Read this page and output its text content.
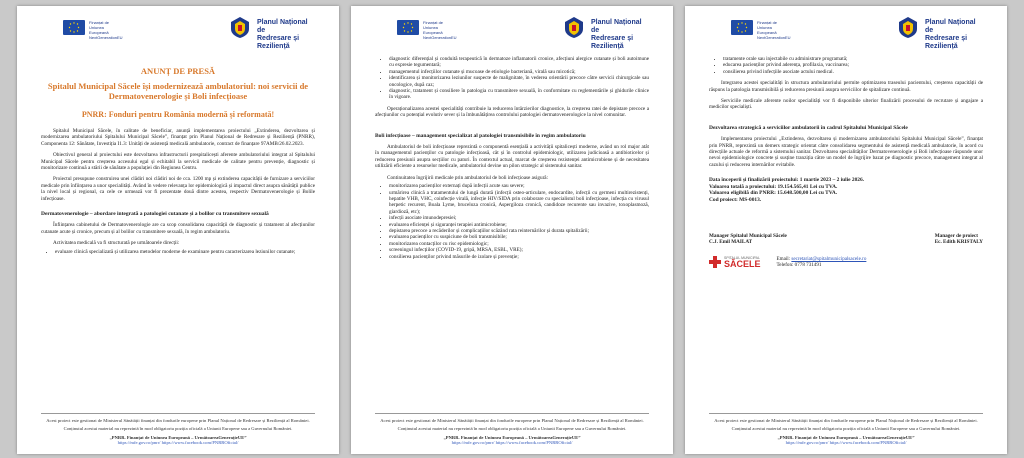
Finanțat de Uniunea Europeană NextGenerationEU
Planul Național de
Redresare și Reziliență
ANUNȚ DE PRESĂ
Spitalul Municipal Săcele își modernizează ambulatoriul: noi servicii de Dermatovenerologie și Boli infecțioase
PNRR: Fonduri pentru România modernă și reformată!

Spitalul Municipal Săcele, în calitate de beneficiar, anunță implementarea proiectului „Extinderea, dezvoltarea și modernizarea ambulatoriului Spitalului Municipal Săcele”, finanțat prin Planul Național de Redresare și Reziliență (PNRR), Componenta 12: Sănătate, Investiția I1.3: Unități de asistență medicală ambulatorie, contract de finanțare 97AMB/26.02.2023.

Obiectivul general al proiectului este dezvoltarea infrastructurii prespitalicești aferente ambulatoriului integrat al Spitalului Municipal Săcele pentru creșterea accesului egal și echitabil la servicii medicale de calitate pentru prevenție, diagnostic și monitorizare continuă a stării de sănătate a populației din Regiunea Centru.

Proiectul presupune construirea unei clădiri noi clădiri noi de cca. 1200 mp și extinderea capacității de furnizare a serviciilor medicale prin înființarea a unor specialități. Având în vedere relevanța lor epidemiologică și impactul direct asupra sănătății publice la nivel local și regional, ca cele ce urmează vor fi prezentate două dintre acestea, respectiv Dermatovenerologie și Bolile infecțioase.

Dermatovenerologie – abordare integrată a patologiei cutanate și a bolilor cu transmitere sexuală

Înființarea cabinetului de Dermatovenerologie are ca scop consolidarea capacității de diagnostic și tratament al afecțiunilor cutanate acute și cronice, precum și al bolilor cu transmitere sexuală, în regim ambulatoriu.

Activitatea medicală va fi structurată pe următoarele direcții:

• evaluare clinică specializată și utilizarea metodelor moderne de examinare pentru caracterizarea leziunilor cutanate;
Acest proiect este gestionat de Ministerul Sănătății finanțat din fondurile europene prin Planul Național de Redresare și Reziliență al României.
Conținutul acestui material nu reprezintă în mod obligatoriu poziția oficială a Uniunii Europene sau a Guvernului României.
„PNRR. Finanțat de Uniunea Europeană – UrmătoareaGenerațieUE”
https://mfe.gov.ro/pnrr/ https://www.facebook.com/PNRROficial/
Finanțat de Uniunea Europeană NextGenerationEU
Planul Național de
Redresare și Reziliență
• diagnostic diferențial și conduită terapeutică în dermatoze inflamatorii cronice, afecțiuni alergice cutanate și boli autoimune cu expresie tegumentară;
• managementul infecțiilor cutanate și mucoase de etiologie bacteriană, virală sau micotică;
• identificarea și monitorizarea leziunilor suspecte de malignitate, în vederea orientării precoce către servicii chirurgicale sau oncologice, după caz;
• diagnostic, tratament și consiliere în patologia cu transmitere sexuală, în conformitate cu reglementările și ghidurile clinice în vigoare.

Operaționalizarea acestei specialități contribuie la reducerea întârzierilor diagnostice, la creșterea ratei de depistare precoce a afecțiunilor cu potențial evolutiv sever și la îmbunătățirea controlului patologiei dermatovenerologice la nivel comunitar.

Boli infecțioase – management specializat al patologiei transmisibile în regim ambulatoriu

Ambulatoriul de boli infecțioase reprezintă o componentă esențială a activității spitalicești moderne, având un rol major atât în managementul pacienților cu patologie infecțioasă, cât și în controlul epidemiologic, utilizarea judicioasă a antibioticelor și reducerea presiunii asupra secțiilor cu paturi. În contextul actual, marcat de creșterea rezistenței antimicrobiene și de necesitatea utilizării eficiente a resurselor medicale, ambulatoriul devine un pilon strategic al sistemului sanitar.

Continuitatea îngrijirii medicale prin ambulatoriul de boli infecțioase asigură:

• monitorizarea pacienților externați după infecții acute sau severe;
• urmărirea clinică a tratamentului de lungă durată (infecții osteo-articulare, endocardite, infecții cu germeni multirezistenți, hepatite VHB, VHC, coinfecție virală, infecție HIV/SIDA prin colaborare cu specialistul boli infecțioase, infecția cu virusul herpetic recurent, Boala Lyme, bruceloza cronică, Aspergiloza cronică, candidoze recurente sau invazive, toxoplasmoză, giardioză, etc);
• infecții asociate imunodepresiei;
• evaluarea eficienței și siguranței terapiei antimicrobiene;
• depistarea precoce a recăderilor și complicațiilor scăzând rata reinternărilor și durata spitalizării;
• evaluarea pacienților cu suspiciune de boli transmisibile;
• monitorizarea contacților cu risc epidemiologic;
• screeningul infecțiilor (COVID-19, gripă, MRSA, ESBL, VRE);
• consilierea pacienților privind măsurile de izolare și prevenție;
Acest proiect este gestionat de Ministerul Sănătății finanțat din fondurile europene prin Planul Național de Redresare și Reziliență al României.
Conținutul acestui material nu reprezintă în mod obligatoriu poziția oficială a Uniunii Europene sau a Guvernului României.
„PNRR. Finanțat de Uniunea Europeană – UrmătoareaGenerațieUE”
https://mfe.gov.ro/pnrr/ https://www.facebook.com/PNRROficial/
Finanțat de Uniunea Europeană NextGenerationEU
Planul Național de
Redresare și Reziliență
• tratamente orale sau injectabile cu administrare programată;
• educarea pacienților privind aderența, profilaxia, vaccinarea;
• consilierea privind infecțiile asociate actului medical.

Integrarea acestei specialități în structura ambulatoriului permite optimizarea traseului pacientului, creșterea capacității de răspuns la patologia transmisibilă și reducerea presiunii asupra serviciilor de spitalizare continuă.

Serviciile medicale aferente noilor specialități vor fi disponibile ulterior finalizării procesului de recrutare și angajare a medicilor specialiști.

Dezvoltarea strategică a serviciilor ambulatorii în cadrul Spitalului Municipal Săcele

Implementarea proiectului „Extinderea, dezvoltarea și modernizarea ambulatoriului Spitalului Municipal Săcele”, finanțat prin PNRR, reprezintă un demers strategic orientat către consolidarea segmentului de asistență medicală ambulatorie, în acord cu direcțiile actuale de reformă a sistemului sanitar. Dezvoltarea specialităților Dermatovenerologie și Boli infecțioase răspunde unor nevoi epidemiologice concrete și susține tranziția către un model de îngrijire bazat pe diagnostic precoce, management integrat al cazului și reducerea internărilor evitabile.

Data începerii și finalizării proiectului: 1 martie 2023 – 2 iulie 2026.
Valoarea totală a proiectului: 19.154.565,41 Lei cu TVA.
Valoarea eligibilă din PNRR: 15.648.500,00 Lei cu TVA.
Cod proiect: MS-0013.
Manager Spitalul Municipal Săcele
C.J. Emil MAILAT
Manager de proiect
Ec. Edith KRISTALY
SPITALUL MUNICIPAL
SĂCELE	Email: secretariat@spitalmunicipalsacele.ro
Telefon: 0778 731491
Acest proiect este gestionat de Ministerul Sănătății finanțat din fondurile europene prin Planul Național de Redresare și Reziliență al României.
Conținutul acestui material nu reprezintă în mod obligatoriu poziția oficială a Uniunii Europene sau a Guvernului României.
„PNRR. Finanțat de Uniunea Europeană – UrmătoareaGenerațieUE”
https://mfe.gov.ro/pnrr/ https://www.facebook.com/PNRROficial/
